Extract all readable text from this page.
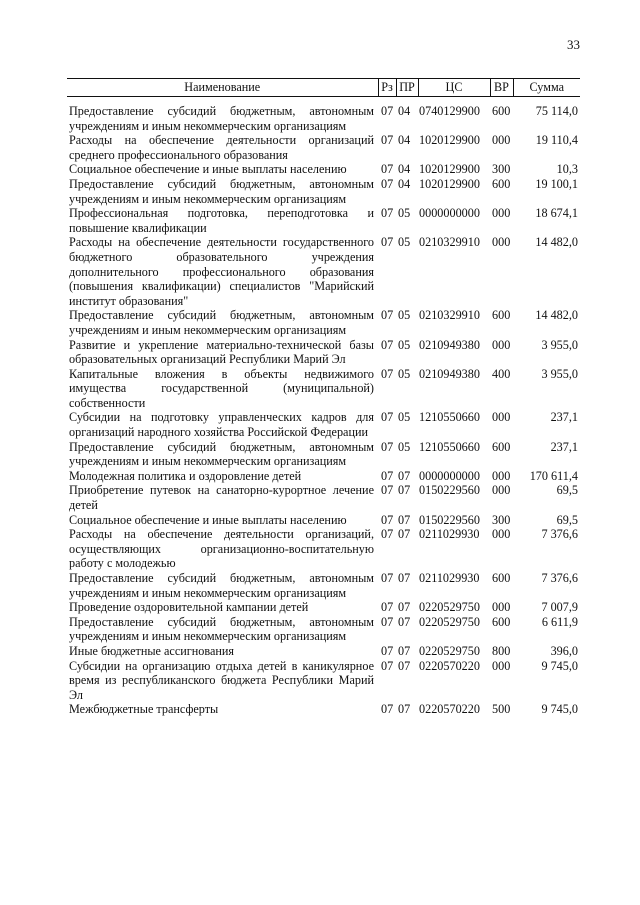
33
Наименование	Рз	ПР	ЦС	ВР	Сумма
Предоставление субсидий бюджетным, автономным учреждениям и иным некоммерческим организациям	07	04	0740129900	600	75 114,0
Расходы на обеспечение деятельности организаций среднего профессионального образования	07	04	1020129900	000	19 110,4
Социальное обеспечение и иные выплаты населению	07	04	1020129900	300	10,3
Предоставление субсидий бюджетным, автономным учреждениям и иным некоммерческим организациям	07	04	1020129900	600	19 100,1
Профессиональная подготовка, переподготовка и повышение квалификации	07	05	0000000000	000	18 674,1
Расходы на обеспечение деятельности государственного бюджетного образовательного учреждения дополнительного профессионального образования (повышения квалификации) специалистов "Марийский институт образования"	07	05	0210329910	000	14 482,0
Предоставление субсидий бюджетным, автономным учреждениям и иным некоммерческим организациям	07	05	0210329910	600	14 482,0
Развитие и укрепление материально-технической базы образовательных организаций Республики Марий Эл	07	05	0210949380	000	3 955,0
Капитальные вложения в объекты недвижимого имущества государственной (муниципальной) собственности	07	05	0210949380	400	3 955,0
Субсидии на подготовку управленческих кадров для организаций народного хозяйства Российской Федерации	07	05	1210550660	000	237,1
Предоставление субсидий бюджетным, автономным учреждениям и иным некоммерческим организациям	07	05	1210550660	600	237,1
Молодежная политика и оздоровление детей	07	07	0000000000	000	170 611,4
Приобретение путевок на санаторно-курортное лечение детей	07	07	0150229560	000	69,5
Социальное обеспечение и иные выплаты населению	07	07	0150229560	300	69,5
Расходы на обеспечение деятельности организаций, осуществляющих организационно-воспитательную работу с молодежью	07	07	0211029930	000	7 376,6
Предоставление субсидий бюджетным, автономным учреждениям и иным некоммерческим организациям	07	07	0211029930	600	7 376,6
Проведение оздоровительной кампании детей	07	07	0220529750	000	7 007,9
Предоставление субсидий бюджетным, автономным учреждениям и иным некоммерческим организациям	07	07	0220529750	600	6 611,9
Иные бюджетные ассигнования	07	07	0220529750	800	396,0
Субсидии на организацию отдыха детей в каникулярное время из республиканского бюджета Республики Марий Эл	07	07	0220570220	000	9 745,0
Межбюджетные трансферты	07	07	0220570220	500	9 745,0
